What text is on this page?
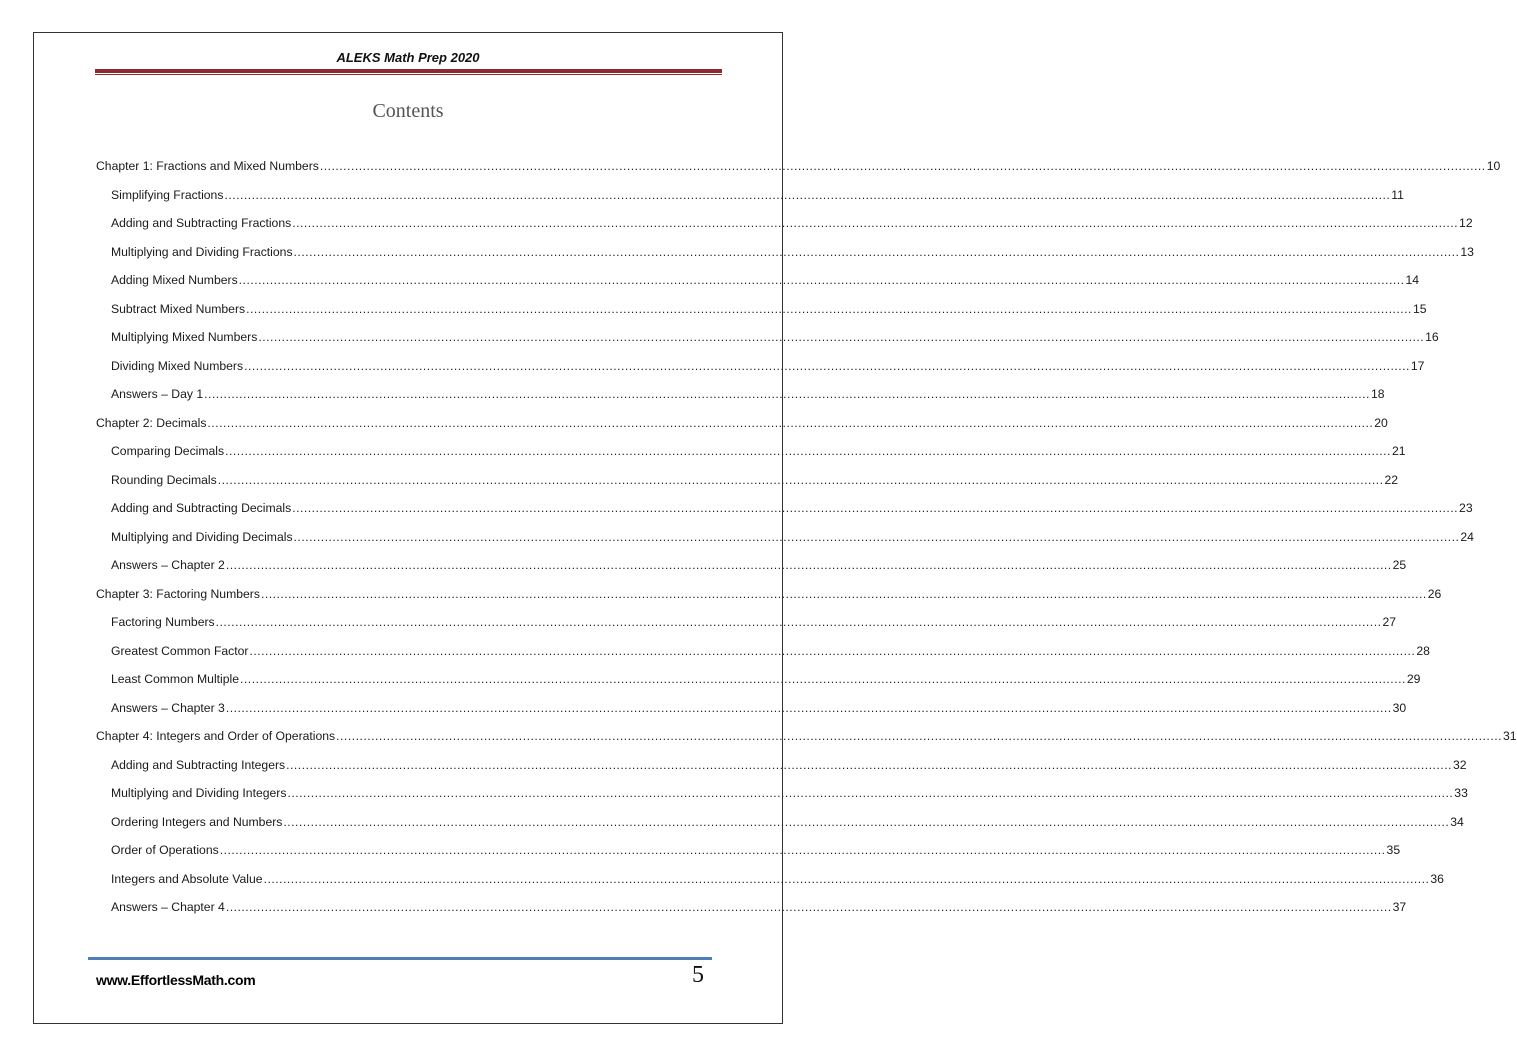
ALEKS Math Prep 2020
Contents
Chapter 1: Fractions and Mixed Numbers ............................................................................................................................................................................................................................................................................................................ 10
Simplifying Fractions ............................................................................................................................................................................................................................................................................................................ 11
Adding and Subtracting Fractions ............................................................................................................................................................................................................................................................................................................ 12
Multiplying and Dividing Fractions ............................................................................................................................................................................................................................................................................................................ 13
Adding Mixed Numbers ............................................................................................................................................................................................................................................................................................................ 14
Subtract Mixed Numbers ............................................................................................................................................................................................................................................................................................................ 15
Multiplying Mixed Numbers ............................................................................................................................................................................................................................................................................................................ 16
Dividing Mixed Numbers ............................................................................................................................................................................................................................................................................................................ 17
Answers – Day 1 ............................................................................................................................................................................................................................................................................................................ 18
Chapter 2: Decimals ............................................................................................................................................................................................................................................................................................................ 20
Comparing Decimals ............................................................................................................................................................................................................................................................................................................ 21
Rounding Decimals ............................................................................................................................................................................................................................................................................................................ 22
Adding and Subtracting Decimals ............................................................................................................................................................................................................................................................................................................ 23
Multiplying and Dividing Decimals ............................................................................................................................................................................................................................................................................................................ 24
Answers – Chapter 2 ............................................................................................................................................................................................................................................................................................................ 25
Chapter 3: Factoring Numbers ............................................................................................................................................................................................................................................................................................................ 26
Factoring Numbers ............................................................................................................................................................................................................................................................................................................ 27
Greatest Common Factor ............................................................................................................................................................................................................................................................................................................ 28
Least Common Multiple ............................................................................................................................................................................................................................................................................................................ 29
Answers – Chapter 3 ............................................................................................................................................................................................................................................................................................................ 30
Chapter 4: Integers and Order of Operations ............................................................................................................................................................................................................................................................................................................ 31
Adding and Subtracting Integers ............................................................................................................................................................................................................................................................................................................ 32
Multiplying and Dividing Integers ............................................................................................................................................................................................................................................................................................................ 33
Ordering Integers and Numbers ............................................................................................................................................................................................................................................................................................................ 34
Order of Operations ............................................................................................................................................................................................................................................................................................................ 35
Integers and Absolute Value ............................................................................................................................................................................................................................................................................................................ 36
Answers – Chapter 4 ............................................................................................................................................................................................................................................................................................................ 37
www.EffortlessMath.com	5
